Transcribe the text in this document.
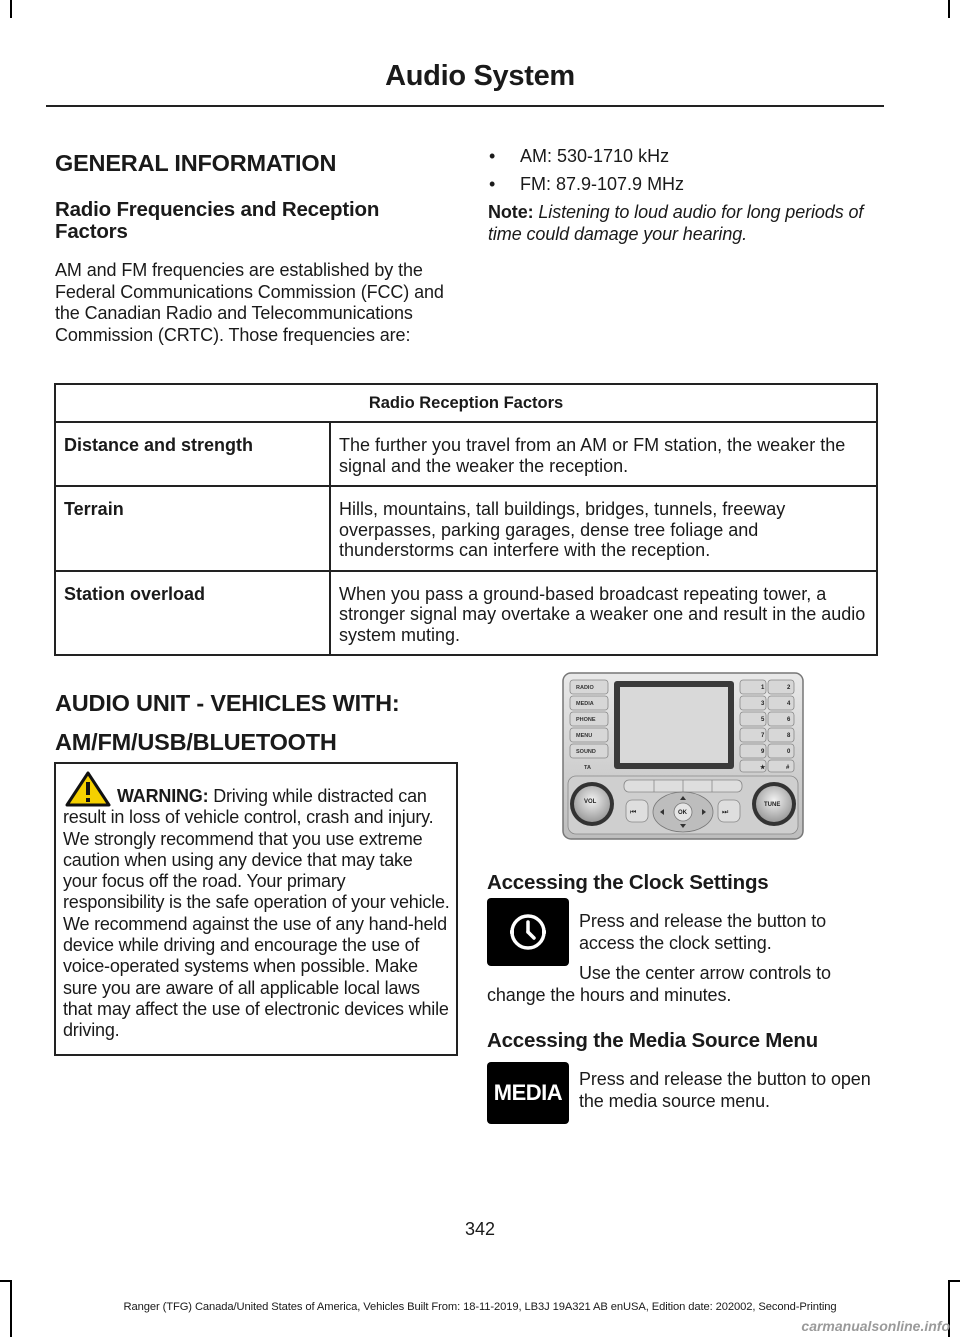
Audio System
GENERAL INFORMATION
Radio Frequencies and Reception Factors

AM and FM frequencies are established by the Federal Communications Commission (FCC) and the Canadian Radio and Telecommunications Commission (CRTC). Those frequencies are:

• AM: 530-1710 kHz
• FM: 87.9-107.9 MHz

Note: Listening to loud audio for long periods of time could damage your hearing.

Radio Reception Factors	
Distance and strength	The further you travel from an AM or FM station, the weaker the signal and the weaker the reception.
Terrain	Hills, mountains, tall buildings, bridges, tunnels, freeway overpasses, parking garages, dense tree foliage and thunderstorms can interfere with the reception.
Station overload	When you pass a ground-based broadcast repeating tower, a stronger signal may overtake a weaker one and result in the audio system muting.
AUDIO UNIT - VEHICLES WITH:
AM/FM/USB/BLUETOOTH

WARNING: Driving while distracted can result in loss of vehicle control, crash and injury. We strongly recommend that you use extreme caution when using any device that may take your focus off the road. Your primary responsibility is the safe operation of your vehicle. We recommend against the use of any hand-held device while driving and encourage the use of voice-operated systems when possible. Make sure you are aware of all applicable local laws that may affect the use of electronic devices while driving.

RADIO
MEDIA
PHONE
MENU
SOUND
TA
1	2
3	4
5	6
7	8
9	0
★	#
VOL	TUNE
OK
⏮	⏭
Accessing the Clock Settings

Press and release the button to access the clock setting.

Use the center arrow controls to change the hours and minutes.

Accessing the Media Source Menu
MEDIA

Press and release the button to open the media source menu.

342
Ranger (TFG) Canada/United States of America, Vehicles Built From: 18-11-2019, LB3J 19A321 AB enUSA, Edition date: 202002, Second-Printing
carmanualsonline.info
